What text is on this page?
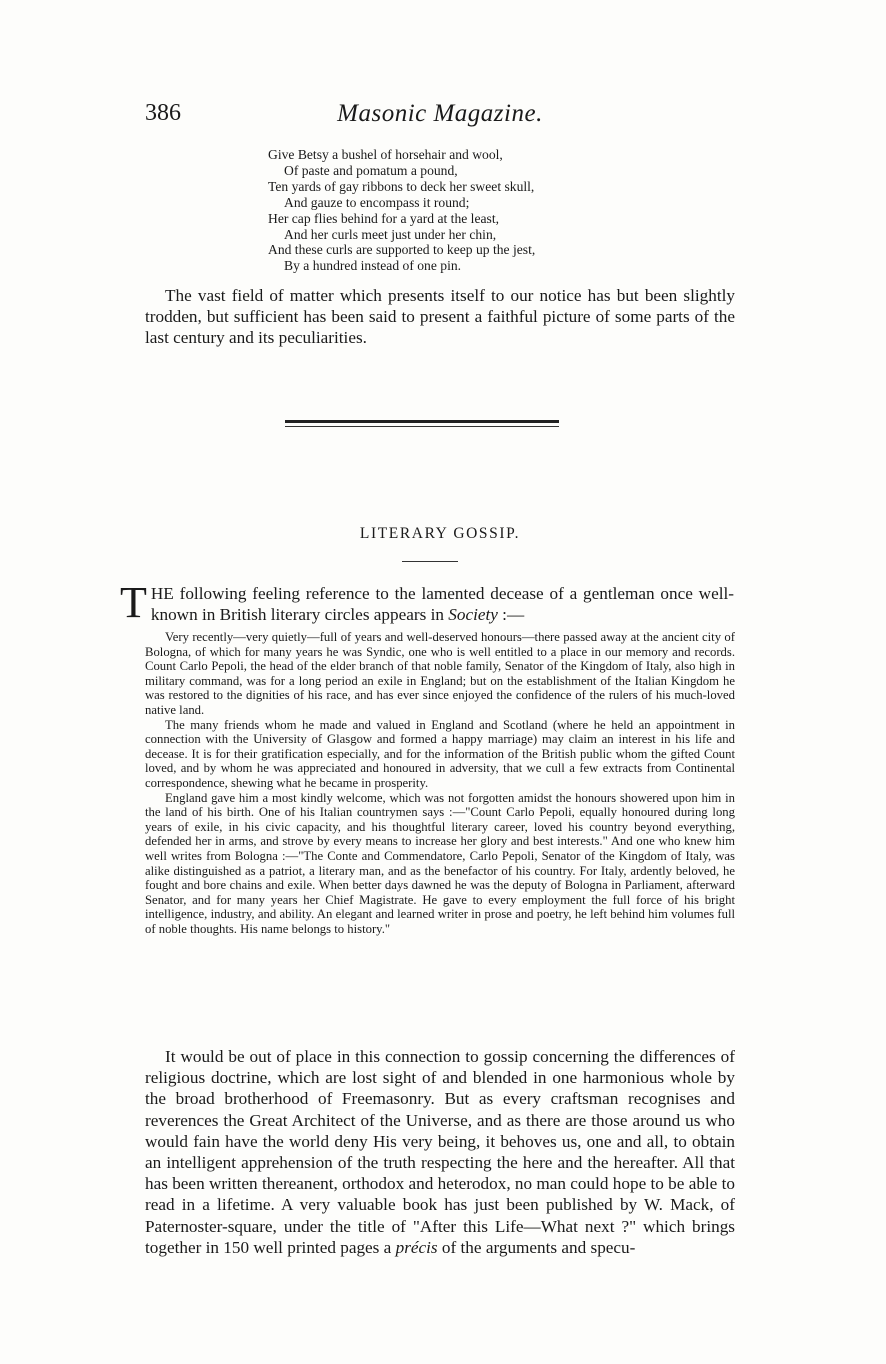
386	Masonic Magazine.
Give Betsy a bushel of horsehair and wool,
Of paste and pomatum a pound,
Ten yards of gay ribbons to deck her sweet skull,
And gauze to encompass it round;
Her cap flies behind for a yard at the least,
And her curls meet just under her chin,
And these curls are supported to keep up the jest,
By a hundred instead of one pin.

The vast field of matter which presents itself to our notice has but been slightly trodden, but sufficient has been said to present a faithful picture of some parts of the last century and its peculiarities.

LITERARY GOSSIP.
T HE following feeling reference to the lamented decease of a gentleman once well-known in British literary circles appears in Society :—

Very recently—very quietly—full of years and well-deserved honours—there passed away at the ancient city of Bologna, of which for many years he was Syndic, one who is well entitled to a place in our memory and records. Count Carlo Pepoli, the head of the elder branch of that noble family, Senator of the Kingdom of Italy, also high in military command, was for a long period an exile in England; but on the establishment of the Italian Kingdom he was restored to the dignities of his race, and has ever since enjoyed the confidence of the rulers of his much-loved native land.

The many friends whom he made and valued in England and Scotland (where he held an appointment in connection with the University of Glasgow and formed a happy marriage) may claim an interest in his life and decease. It is for their gratification especially, and for the information of the British public whom the gifted Count loved, and by whom he was appreciated and honoured in adversity, that we cull a few extracts from Continental correspondence, shewing what he became in prosperity.

England gave him a most kindly welcome, which was not forgotten amidst the honours showered upon him in the land of his birth. One of his Italian countrymen says :—"Count Carlo Pepoli, equally honoured during long years of exile, in his civic capacity, and his thoughtful literary career, loved his country beyond everything, defended her in arms, and strove by every means to increase her glory and best interests." And one who knew him well writes from Bologna :—"The Conte and Commendatore, Carlo Pepoli, Senator of the Kingdom of Italy, was alike distinguished as a patriot, a literary man, and as the benefactor of his country. For Italy, ardently beloved, he fought and bore chains and exile. When better days dawned he was the deputy of Bologna in Parliament, afterward Senator, and for many years her Chief Magistrate. He gave to every employment the full force of his bright intelligence, industry, and ability. An elegant and learned writer in prose and poetry, he left behind him volumes full of noble thoughts. His name belongs to history."

It would be out of place in this connection to gossip concerning the differences of religious doctrine, which are lost sight of and blended in one harmonious whole by the broad brotherhood of Freemasonry. But as every craftsman recognises and reverences the Great Architect of the Universe, and as there are those around us who would fain have the world deny His very being, it behoves us, one and all, to obtain an intelligent apprehension of the truth respecting the here and the hereafter. All that has been written thereanent, orthodox and heterodox, no man could hope to be able to read in a lifetime. A very valuable book has just been published by W. Mack, of Paternoster-square, under the title of "After this Life—What next ?" which brings together in 150 well printed pages a précis of the arguments and specu-
